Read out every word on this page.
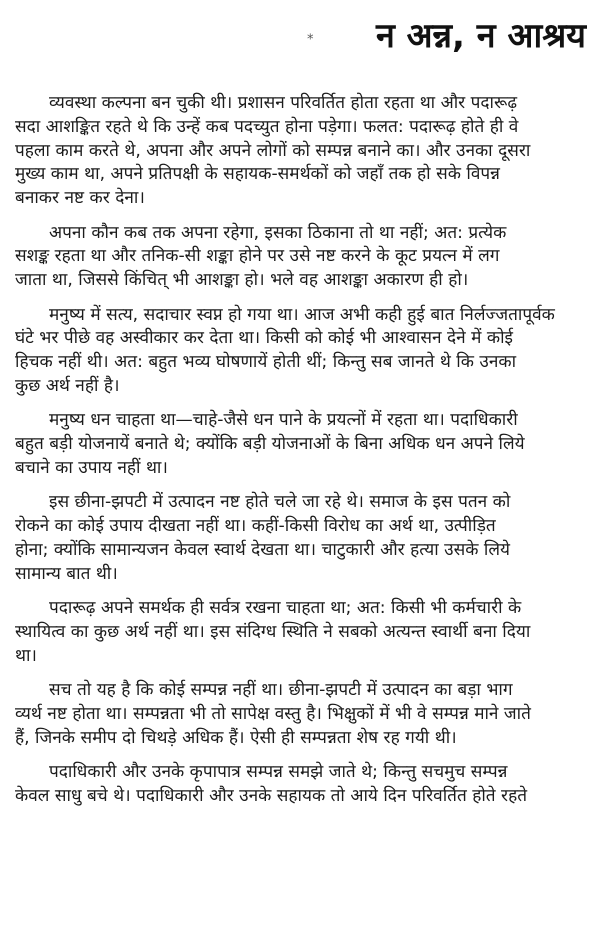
⁎ न अन्न, न आश्रय

व्यवस्था कल्पना बन चुकी थी। प्रशासन परिवर्तित होता रहता था और पदारूढ़
सदा आशङ्कित रहते थे कि उन्हें कब पदच्युत होना पड़ेगा। फलत: पदारूढ़ होते ही वे
पहला काम करते थे, अपना और अपने लोगों को सम्पन्न बनाने का। और उनका दूसरा
मुख्य काम था, अपने प्रतिपक्षी के सहायक-समर्थकों को जहाँ तक हो सके विपन्न
बनाकर नष्ट कर देना।

अपना कौन कब तक अपना रहेगा, इसका ठिकाना तो था नहीं; अत: प्रत्येक
सशङ्क रहता था और तनिक-सी शङ्का होने पर उसे नष्ट करने के कूट प्रयत्न में लग
जाता था, जिससे किंचित् भी आशङ्का हो। भले वह आशङ्का अकारण ही हो।

मनुष्य में सत्य, सदाचार स्वप्न हो गया था। आज अभी कही हुई बात निर्लज्जतापूर्वक
घंटे भर पीछे वह अस्वीकार कर देता था। किसी को कोई भी आश्वासन देने में कोई
हिचक नहीं थी। अत: बहुत भव्य घोषणायें होती थीं; किन्तु सब जानते थे कि उनका
कुछ अर्थ नहीं है।

मनुष्य धन चाहता था—चाहे-जैसे धन पाने के प्रयत्नों में रहता था। पदाधिकारी
बहुत बड़ी योजनायें बनाते थे; क्योंकि बड़ी योजनाओं के बिना अधिक धन अपने लिये
बचाने का उपाय नहीं था।

इस छीना-झपटी में उत्पादन नष्ट होते चले जा रहे थे। समाज के इस पतन को
रोकने का कोई उपाय दीखता नहीं था। कहीं-किसी विरोध का अर्थ था, उत्पीड़ित
होना; क्योंकि सामान्यजन केवल स्वार्थ देखता था। चाटुकारी और हत्या उसके लिये
सामान्य बात थी।

पदारूढ़ अपने समर्थक ही सर्वत्र रखना चाहता था; अत: किसी भी कर्मचारी के
स्थायित्व का कुछ अर्थ नहीं था। इस संदिग्ध स्थिति ने सबको अत्यन्त स्वार्थी बना दिया
था।

सच तो यह है कि कोई सम्पन्न नहीं था। छीना-झपटी में उत्पादन का बड़ा भाग
व्यर्थ नष्ट होता था। सम्पन्नता भी तो सापेक्ष वस्तु है। भिक्षुकों में भी वे सम्पन्न माने जाते
हैं, जिनके समीप दो चिथड़े अधिक हैं। ऐसी ही सम्पन्नता शेष रह गयी थी।

पदाधिकारी और उनके कृपापात्र सम्पन्न समझे जाते थे; किन्तु सचमुच सम्पन्न
केवल साधु बचे थे। पदाधिकारी और उनके सहायक तो आये दिन परिवर्तित होते रहते
